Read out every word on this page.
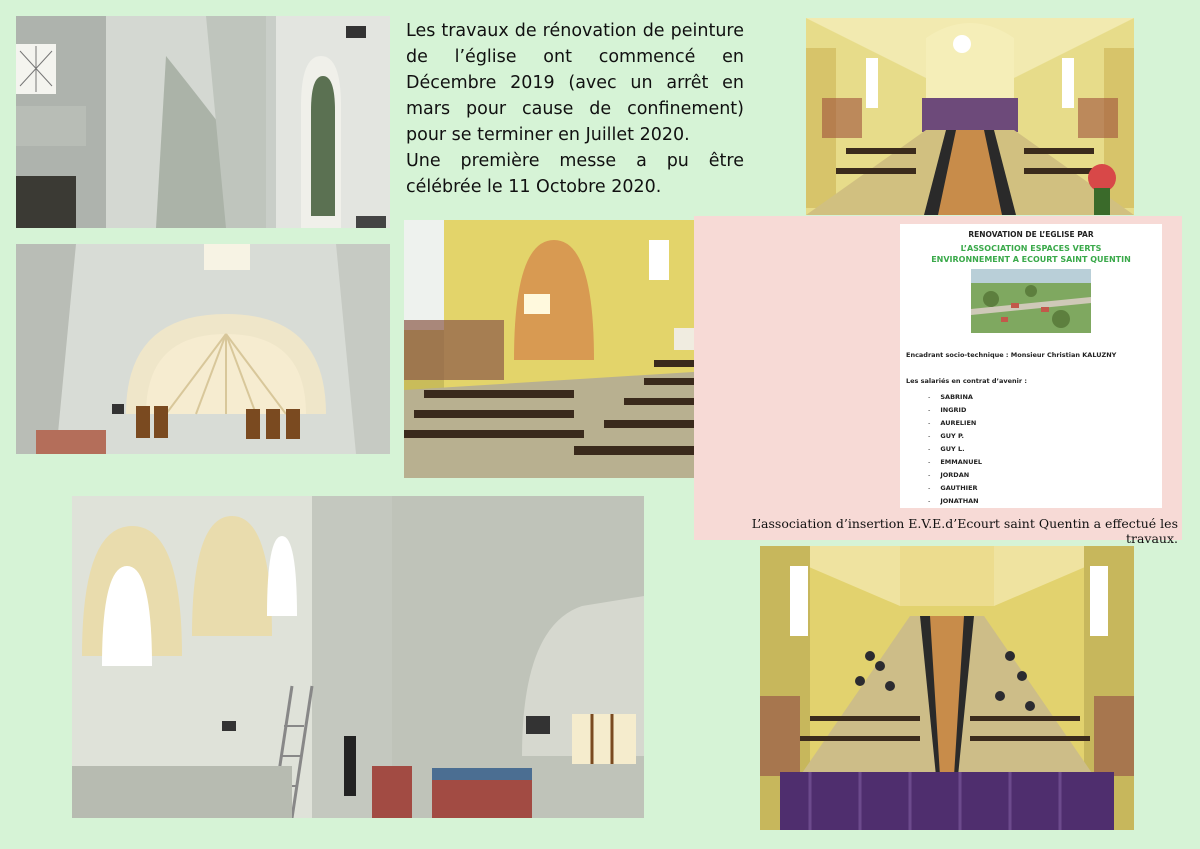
Les travaux de rénovation de peinture de l’église ont commencé en Décembre 2019 (avec un arrêt en mars pour cause de confinement) pour se terminer en Juillet 2020.

Une première messe a pu être célébrée le 11 Octobre 2020.

RENOVATION DE L’EGLISE PAR
L’ASSOCIATION ESPACES VERTS
ENVIRONNEMENT A ECOURT SAINT QUENTIN
Encadrant socio-technique : Monsieur Christian KALUZNY
Les salariés en contrat d’avenir :
- SABRINA
- INGRID
- AURELIEN
- GUY P.
- GUY L.
- EMMANUEL
- JORDAN
- GAUTHIER
- JONATHAN
L’association d’insertion E.V.E.d’Ecourt saint Quentin a effectué les travaux.
